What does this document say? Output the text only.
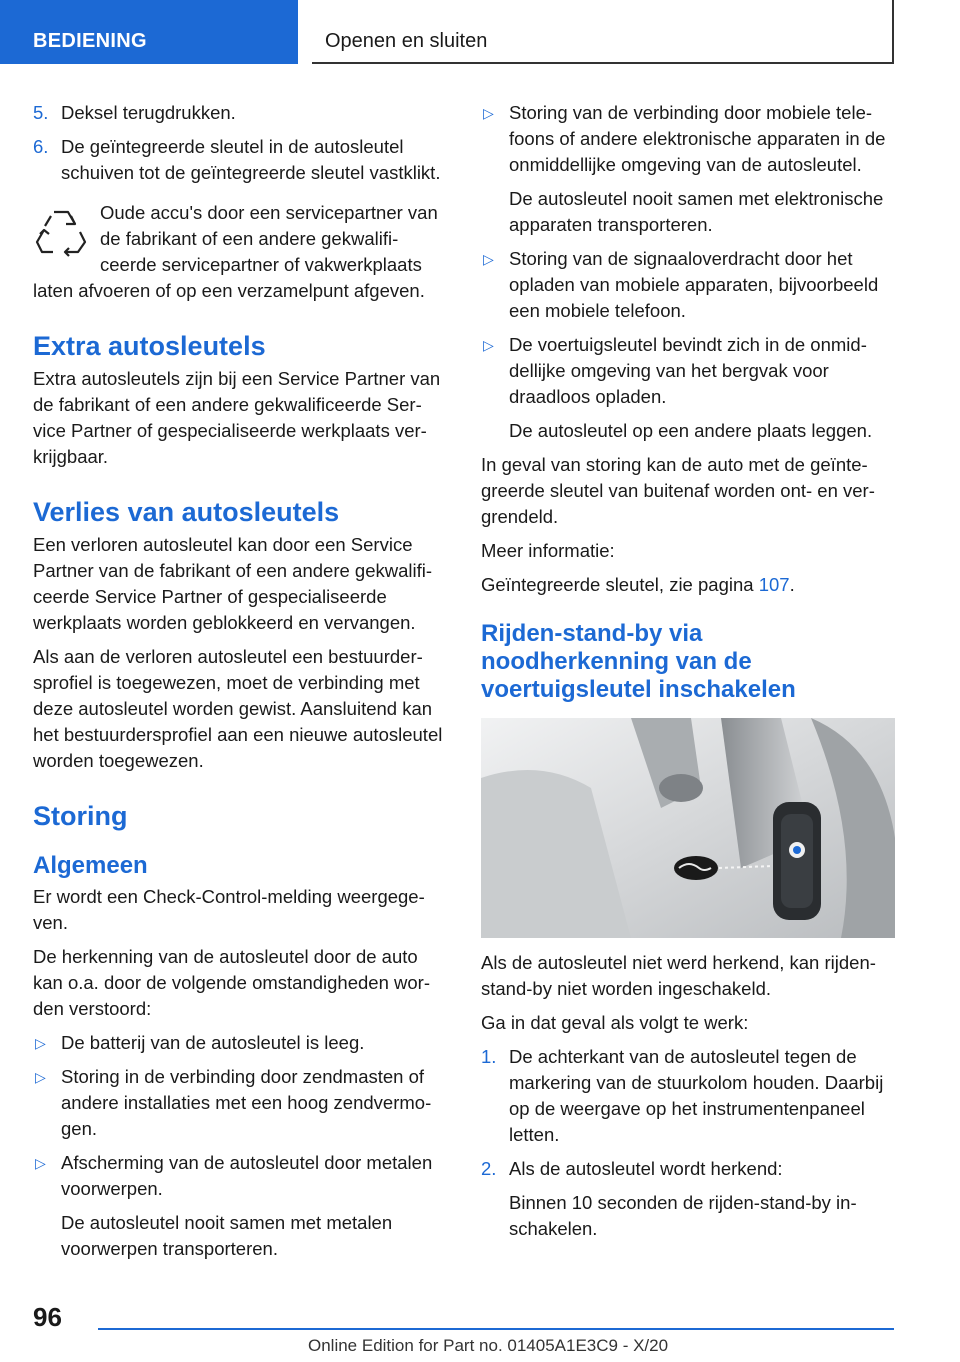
BEDIENING	Openen en sluiten
5. Deksel terugdrukken.
6. De geïntegreerde sleutel in de autosleutel schuiven tot de geïntegreerde sleutel vastklikt.
Oude accu's door een servicepartner van de fabrikant of een andere gekwalificeerde servicepartner of vakwerkplaats
laten afvoeren of op een verzamelpunt afgeven.
Extra autosleutels

Extra autosleutels zijn bij een Service Partner van de fabrikant of een andere gekwalificeerde Service Partner of gespecialiseerde werkplaats verkrijgbaar.

Verlies van autosleutels

Een verloren autosleutel kan door een Service Partner van de fabrikant of een andere gekwalificeerde Service Partner of gespecialiseerde werkplaats worden geblokkeerd en vervangen.

Als aan de verloren autosleutel een bestuurdersprofiel is toegewezen, moet de verbinding met deze autosleutel worden gewist. Aansluitend kan het bestuurdersprofiel aan een nieuwe autosleutel worden toegewezen.

Storing
Algemeen

Er wordt een Check-Control-melding weergegeven.

De herkenning van de autosleutel door de auto kan o.a. door de volgende omstandigheden worden verstoord:

▷ De batterij van de autosleutel is leeg.
▷ Storing in de verbinding door zendmasten of andere installaties met een hoog zendvermogen.
▷ Afscherming van de autosleutel door metalen voorwerpen.
De autosleutel nooit samen met metalen voorwerpen transporteren.
▷ Storing van de verbinding door mobiele telefoons of andere elektronische apparaten in de onmiddellijke omgeving van de autosleutel.
De autosleutel nooit samen met elektronische apparaten transporteren.
▷ Storing van de signaaloverdracht door het opladen van mobiele apparaten, bijvoorbeeld een mobiele telefoon.
▷ De voertuigsleutel bevindt zich in de onmiddellijke omgeving van het bergvak voor draadloos opladen.
De autosleutel op een andere plaats leggen.

In geval van storing kan de auto met de geïntegreerde sleutel van buitenaf worden ont- en vergrendeld.

Meer informatie:

Geïntegreerde sleutel, zie pagina 107.

Rijden-stand-by via noodherkenning van de voertuigsleutel inschakelen

Als de autosleutel niet werd herkend, kan rijdenstand-by niet worden ingeschakeld.

Ga in dat geval als volgt te werk:

1. De achterkant van de autosleutel tegen de markering van de stuurkolom houden. Daarbij op de weergave op het instrumentenpaneel letten.
2. Als de autosleutel wordt herkend:
Binnen 10 seconden de rijden-stand-by inschakelen.
96
Online Edition for Part no. 01405A1E3C9 - X/20
